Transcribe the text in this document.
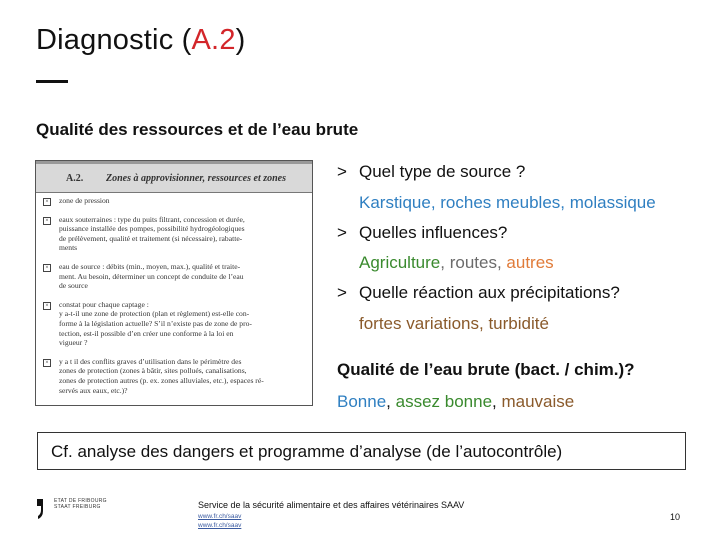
Diagnostic (A.2)
Qualité des ressources et de l’eau brute
A.2. Zones à approvisionner, ressources et zones
×	zone de pression
×	eaux souterraines : type du puits filtrant, concession et durée,
puissance installée des pompes, possibilité hydrogéologiques
de prélèvement, qualité et traitement (si nécessaire), rabatte-
ments
×	eau de source : débits (min., moyen, max.), qualité et traite-
ment. Au besoin, déterminer un concept de conduite de l’eau
de source
×	constat pour chaque captage :
y a-t-il une zone de protection (plan et règlement) est-elle con-
forme à la législation actuelle? S’il n’existe pas de zone de pro-
tection, est-il possible d’en créer une conforme à la loi en
vigueur ?
×	y a t il des conflits graves d’utilisation dans le périmètre des
zones de protection (zones à bâtir, sites pollués, canalisations,
zones de protection autres (p. ex. zones alluviales, etc.), espaces ré-
servés aux eaux, etc.)?
> Quel type de source ?
Karstique, roches meubles, molassique
> Quelles influences?
Agriculture, routes, autres
> Quelle réaction aux précipitations?
fortes variations, turbidité
Qualité de l’eau brute (bact. / chim.)?
Bonne, assez bonne, mauvaise
Cf. analyse des dangers et programme d’analyse (de l’autocontrôle)
ETAT DE FRIBOURG
STAAT FREIBURG	Service de la sécurité alimentaire et des affaires vétérinaires SAAV
www.fr.ch/saav
www.fr.ch/saav
10
